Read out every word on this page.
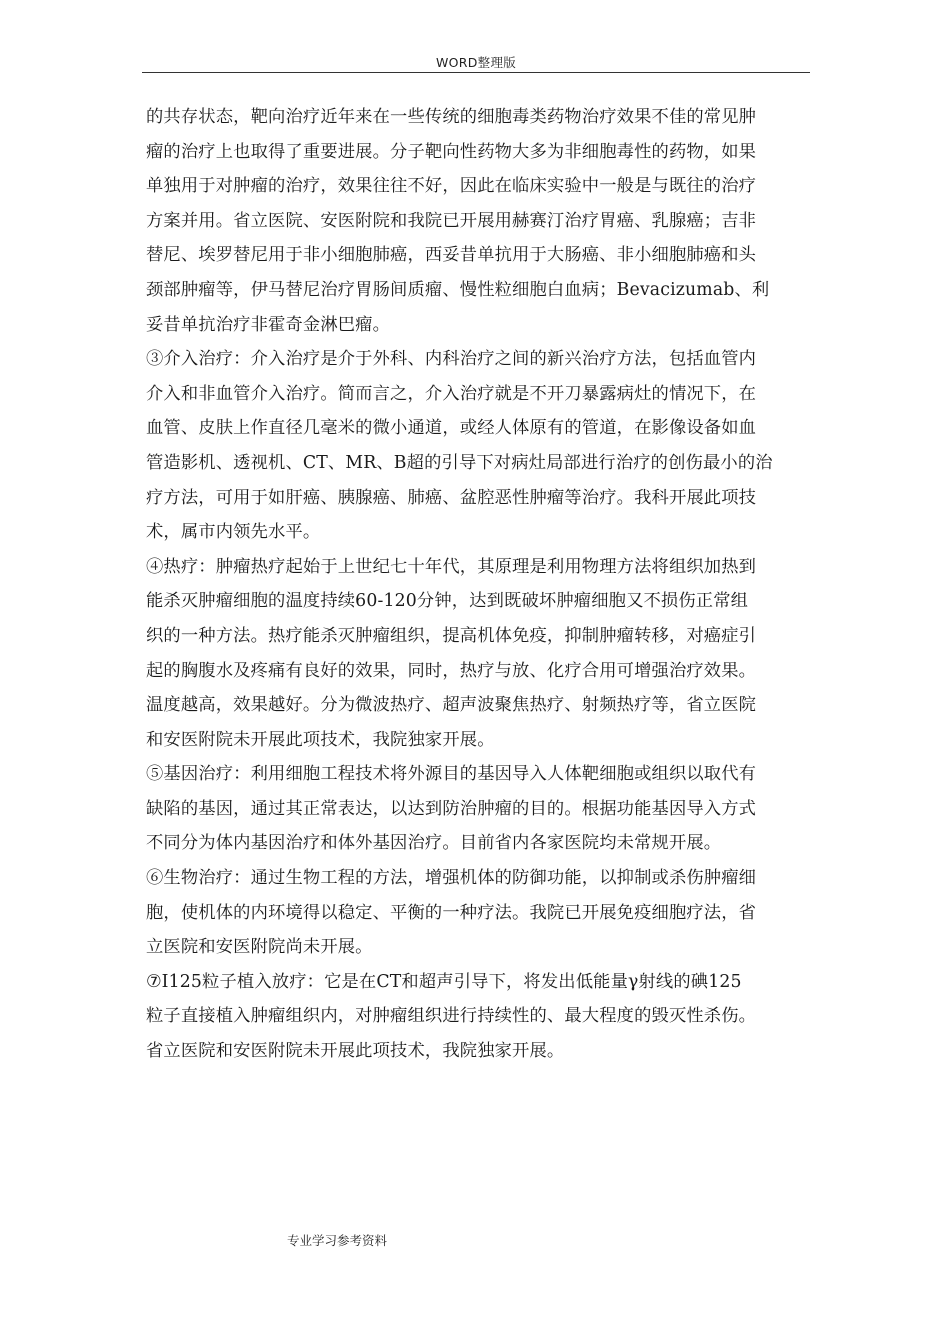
WORD整理版
的共存状态，靶向治疗近年来在一些传统的细胞毒类药物治疗效果不佳的常见肿
瘤的治疗上也取得了重要进展。分子靶向性药物大多为非细胞毒性的药物，如果
单独用于对肿瘤的治疗，效果往往不好，因此在临床实验中一般是与既往的治疗
方案并用。省立医院、安医附院和我院已开展用赫赛汀治疗胃癌、乳腺癌；吉非
替尼、埃罗替尼用于非小细胞肺癌，西妥昔单抗用于大肠癌、非小细胞肺癌和头
颈部肿瘤等，伊马替尼治疗胃肠间质瘤、慢性粒细胞白血病；Bevacizumab、利
妥昔单抗治疗非霍奇金淋巴瘤。
③介入治疗：介入治疗是介于外科、内科治疗之间的新兴治疗方法，包括血管内
介入和非血管介入治疗。简而言之，介入治疗就是不开刀暴露病灶的情况下，在
血管、皮肤上作直径几毫米的微小通道，或经人体原有的管道，在影像设备如血
管造影机、透视机、CT、MR、B超的引导下对病灶局部进行治疗的创伤最小的治
疗方法，可用于如肝癌、胰腺癌、肺癌、盆腔恶性肿瘤等治疗。我科开展此项技
术，属市内领先水平。
④热疗：肿瘤热疗起始于上世纪七十年代，其原理是利用物理方法将组织加热到
能杀灭肿瘤细胞的温度持续60-120分钟，达到既破坏肿瘤细胞又不损伤正常组
织的一种方法。热疗能杀灭肿瘤组织，提高机体免疫，抑制肿瘤转移，对癌症引
起的胸腹水及疼痛有良好的效果，同时，热疗与放、化疗合用可增强治疗效果。
温度越高，效果越好。分为微波热疗、超声波聚焦热疗、射频热疗等，省立医院
和安医附院未开展此项技术，我院独家开展。
⑤基因治疗：利用细胞工程技术将外源目的基因导入人体靶细胞或组织以取代有
缺陷的基因，通过其正常表达，以达到防治肿瘤的目的。根据功能基因导入方式
不同分为体内基因治疗和体外基因治疗。目前省内各家医院均未常规开展。
⑥生物治疗：通过生物工程的方法，增强机体的防御功能，以抑制或杀伤肿瘤细
胞，使机体的内环境得以稳定、平衡的一种疗法。我院已开展免疫细胞疗法，省
立医院和安医附院尚未开展。
⑦I125粒子植入放疗：它是在CT和超声引导下，将发出低能量γ射线的碘125
粒子直接植入肿瘤组织内，对肿瘤组织进行持续性的、最大程度的毁灭性杀伤。
省立医院和安医附院未开展此项技术，我院独家开展。
专业学习参考资料
